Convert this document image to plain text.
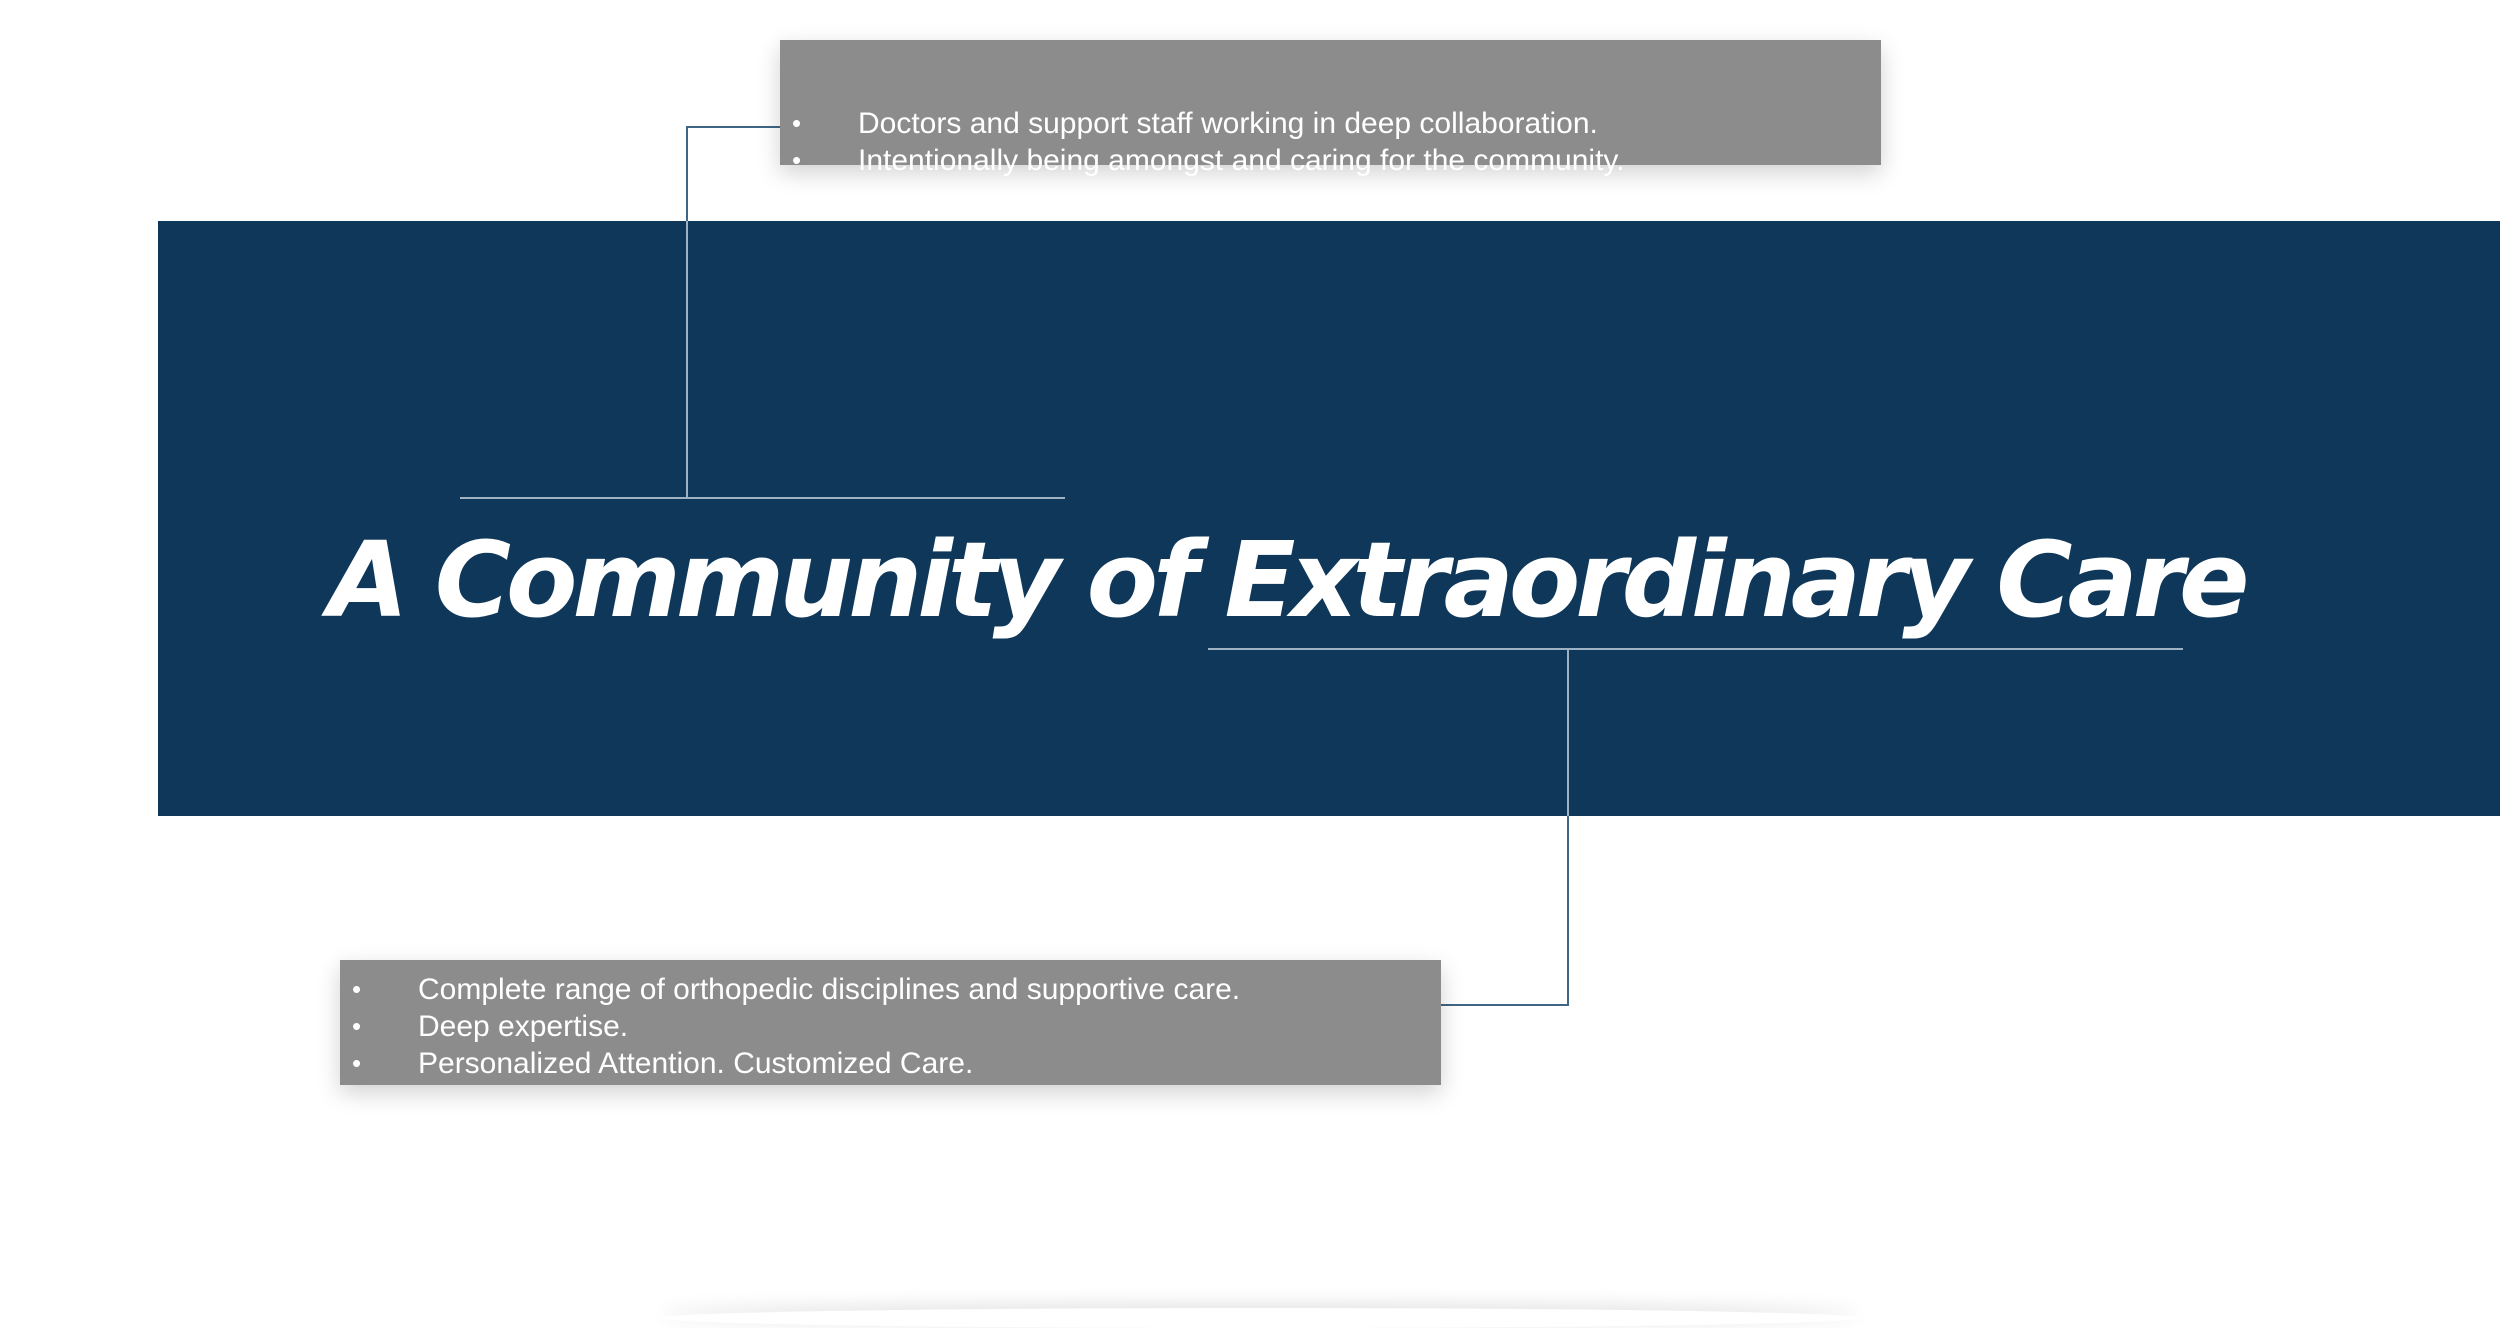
A Community of Extraordinary Care
• Doctors and support staff working in deep collaboration.
• Intentionally being amongst and caring for the community.
• Complete range of orthopedic disciplines and supportive care.
• Deep expertise.
• Personalized Attention. Customized Care.
